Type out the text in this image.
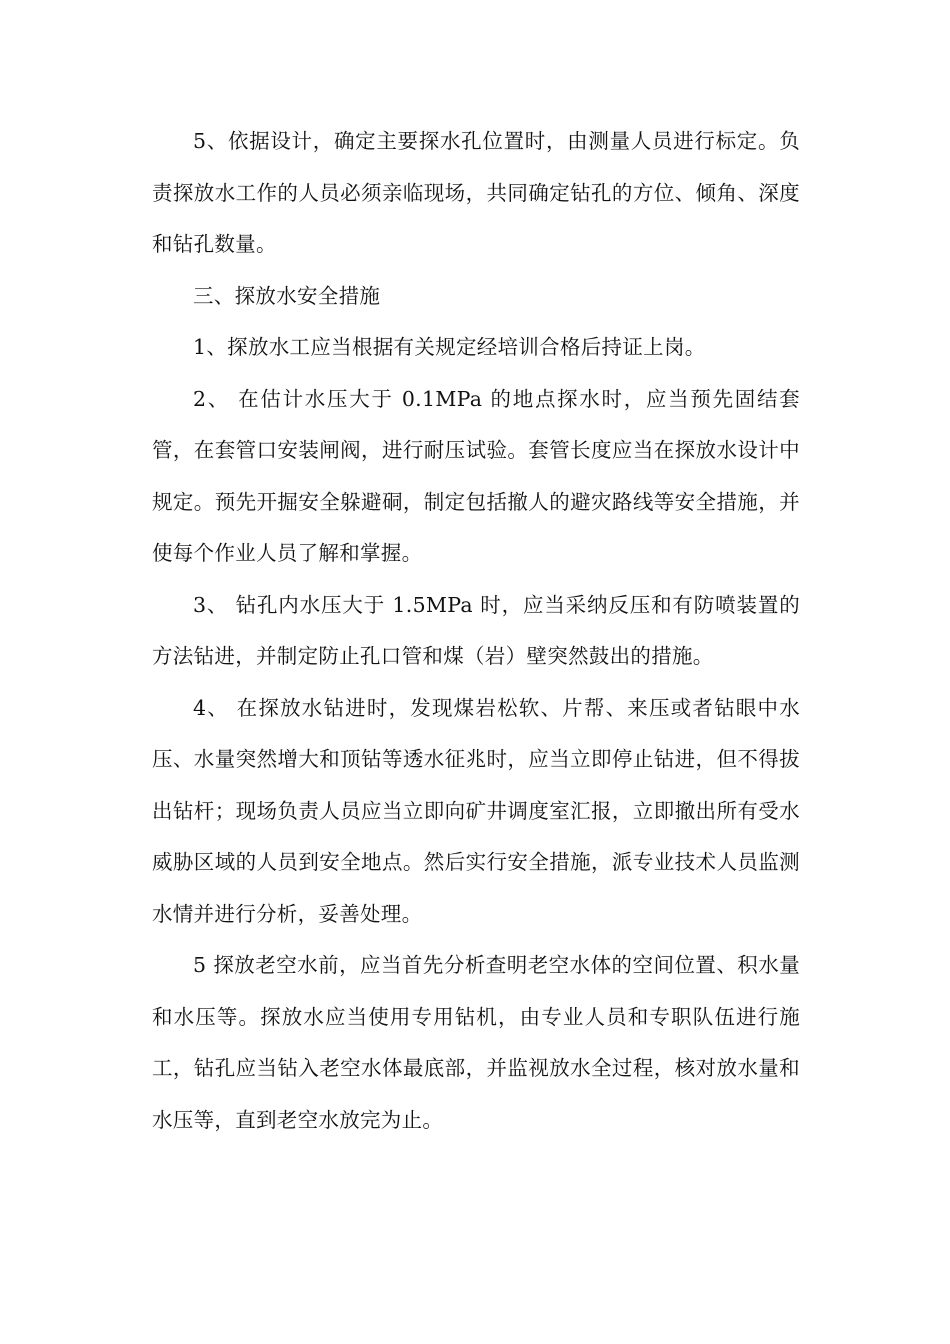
5、依据设计，确定主要探水孔位置时，由测量人员进行标定。负责探放水工作的人员必须亲临现场，共同确定钻孔的方位、倾角、深度和钻孔数量。

三、探放水安全措施

1、探放水工应当根据有关规定经培训合格后持证上岗。

2、 在估计水压大于 0.1MPa 的地点探水时，应当预先固结套管，在套管口安装闸阀，进行耐压试验。套管长度应当在探放水设计中规定。预先开掘安全躲避硐，制定包括撤人的避灾路线等安全措施，并使每个作业人员了解和掌握。

3、 钻孔内水压大于 1.5MPa 时，应当采纳反压和有防喷装置的方法钻进，并制定防止孔口管和煤（岩）壁突然鼓出的措施。

4、 在探放水钻进时，发现煤岩松软、片帮、来压或者钻眼中水压、水量突然增大和顶钻等透水征兆时，应当立即停止钻进，但不得拔出钻杆；现场负责人员应当立即向矿井调度室汇报，立即撤出所有受水威胁区域的人员到安全地点。然后实行安全措施，派专业技术人员监测水情并进行分析，妥善处理。

5 探放老空水前，应当首先分析查明老空水体的空间位置、积水量和水压等。探放水应当使用专用钻机，由专业人员和专职队伍进行施工，钻孔应当钻入老空水体最底部，并监视放水全过程，核对放水量和水压等，直到老空水放完为止。
